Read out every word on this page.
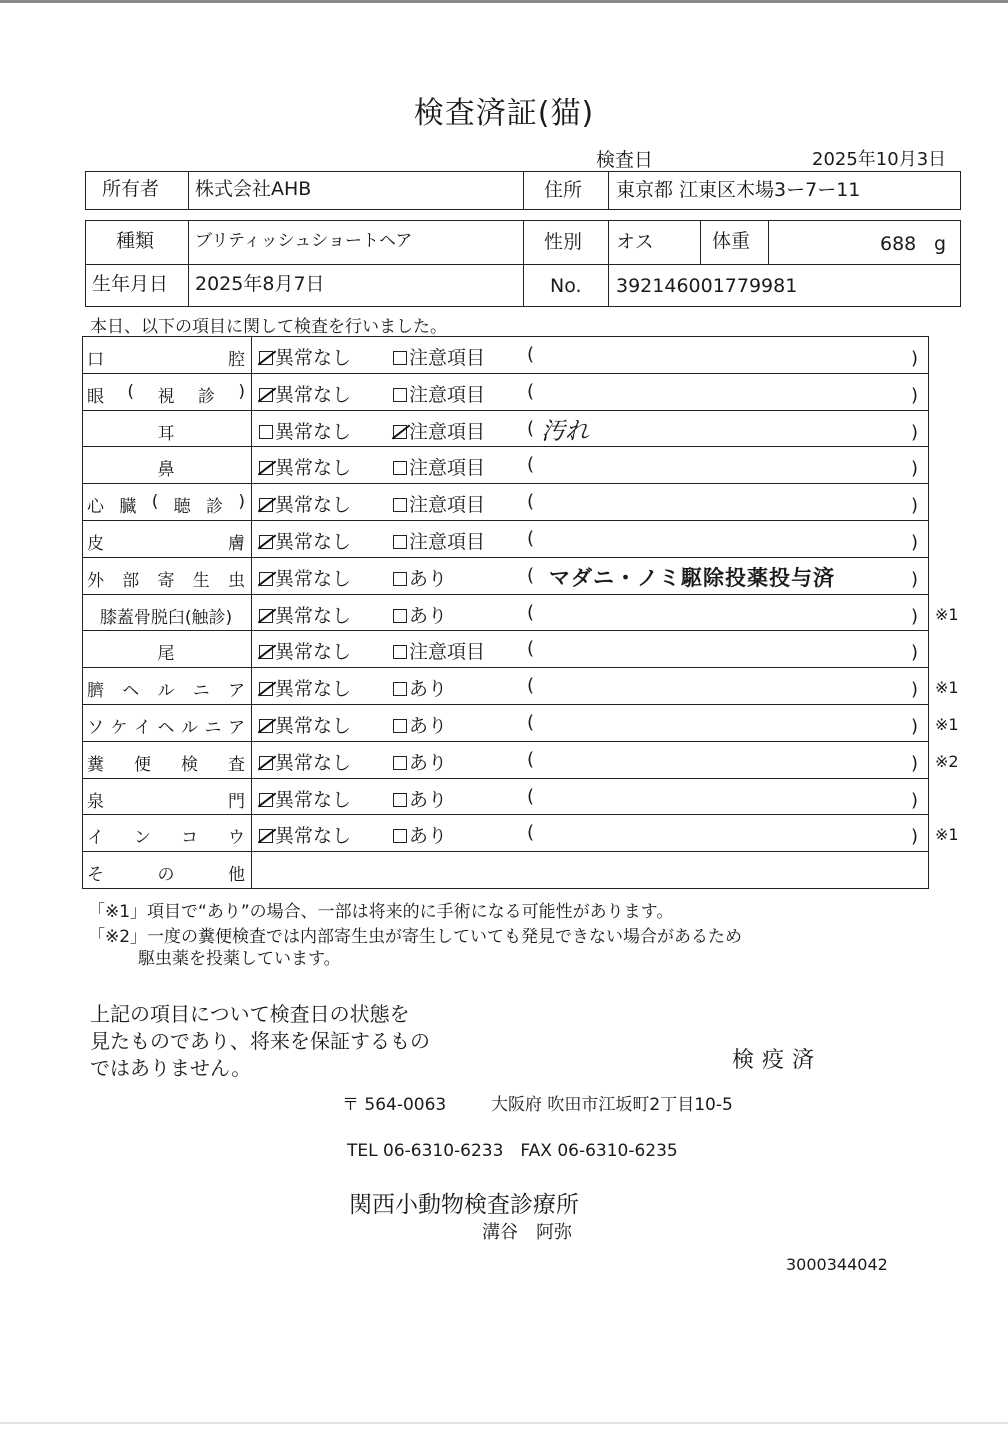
検査済証(猫)
検査日	2025年10月3日
所有者 株式会社AHB	住所 東京都 江東区木場3ー7ー11
種類 ブリティッシュショートヘア	性別 オス	体重	688 g
生年月日 2025年8月7日	No. 392146001779981
本日、以下の項目に関して検査を行いました。
口	腔	異常なし	注意項目 (	)
眼 ( 視 診 )	異常なし	注意項目 (	)
耳	異常なし	注意項目 ( 汚れ	)
鼻	異常なし	注意項目 (	)
心 臓 ( 聴 診 )	異常なし	注意項目 (	)
皮	膚	異常なし	注意項目 (	)
外 部 寄 生 虫	異常なし	あり	( マダニ・ノミ駆除投薬投与済	)
膝蓋骨脱臼(触診)	異常なし	あり	(	) ※1
尾	異常なし	注意項目 (	)
臍 ヘ ル ニ ア	異常なし	あり	(	) ※1
ソ ケ イ ヘ ル ニ ア	異常なし	あり	(	) ※1
糞 便 検 査	異常なし	あり	(	) ※2
泉	門	異常なし	あり	(	)
イ ン コ ウ	異常なし	あり	(	) ※1
そ	の	他
「※1」項目で“あり”の場合、一部は将来的に手術になる可能性があります。
「※2」一度の糞便検査では内部寄生虫が寄生していても発見できない場合があるため
駆虫薬を投薬しています。
上記の項目について検査日の状態を
見たものであり、将来を保証するもの
ではありません。	検疫済
〒 564-0063	大阪府 吹田市江坂町2丁目10-5
TEL 06-6310-6233　FAX 06-6310-6235
関西小動物検査診療所
溝谷　阿弥
3000344042
